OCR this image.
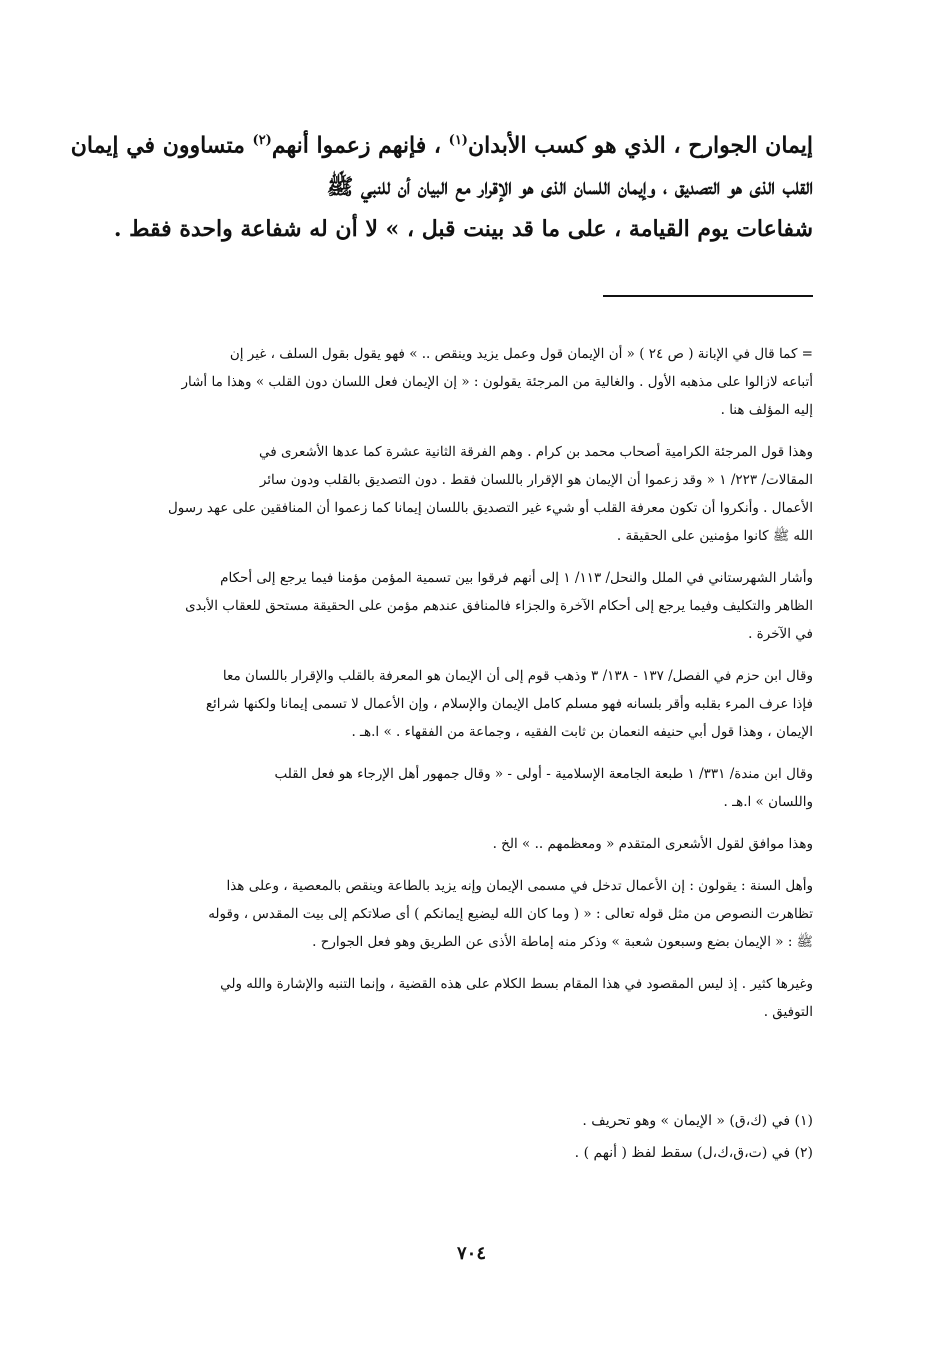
إيمان الجوارح ، الذي هو كسب الأبدان$^{(١)}$ ، فإنهم زعموا أنهم$^{(٢)}$ متساوون في إيمان
القلب الذى هو التصديق ، وإيمان اللسان الذى هو الإقرار مع البيان أن للنبي ﷺ
شفاعات يوم القيامة ، على ما قد بينت قبل ، » لا أن له شفاعة واحدة فقط .

= كما قال في الإبانة ( ص ٢٤ ) « أن الإيمان قول وعمل يزيد وينقص .. » فهو يقول بقول السلف ، غير إن
أتباعه لازالوا على مذهبه الأول . والغالية من المرجئة يقولون : « إن الإيمان فعل اللسان دون القلب » وهذا ما أشار
إليه المؤلف هنا .

وهذا قول المرجئة الكرامية أصحاب محمد بن كرام . وهم الفرقة الثانية عشرة كما عدها الأشعرى في
المقالات/ ٢٢٣/ ١ « وقد زعموا أن الإيمان هو الإقرار باللسان فقط . دون التصديق بالقلب ودون سائر
الأعمال . وأنكروا أن تكون معرفة القلب أو شيء غير التصديق باللسان إيمانا كما زعموا أن المنافقين على عهد رسول
الله ﷺ كانوا مؤمنين على الحقيقة .

وأشار الشهرستاني في الملل والنحل/ ١١٣/ ١ إلى أنهم فرقوا بين تسمية المؤمن مؤمنا فيما يرجع إلى أحكام
الظاهر والتكليف وفيما يرجع إلى أحكام الآخرة والجزاء فالمنافق عندهم مؤمن على الحقيقة مستحق للعقاب الأبدى
في الآخرة .

وقال ابن حزم في الفصل/ ١٣٧ - ١٣٨/ ٣ وذهب قوم إلى أن الإيمان هو المعرفة بالقلب والإقرار باللسان معا
فإذا عرف المرء بقلبه وأقر بلسانه فهو مسلم كامل الإيمان والإسلام ، وإن الأعمال لا تسمى إيمانا ولكنها شرائع
الإيمان ، وهذا قول أبي حنيفه النعمان بن ثابت الفقيه ، وجماعة من الفقهاء . » ا.هـ .

وقال ابن مندة/ ٣٣١/ ١ طبعة الجامعة الإسلامية - أولى - « وقال جمهور أهل الإرجاء هو فعل القلب
واللسان » ا.هـ .

وهذا موافق لقول الأشعرى المتقدم « ومعظمهم .. » الخ .

وأهل السنة : يقولون : إن الأعمال تدخل في مسمى الإيمان وإنه يزيد بالطاعة وينقص بالمعصية ، وعلى هذا
تظاهرت النصوص من مثل قوله تعالى : « ( وما كان الله ليضيع إيمانكم ) أى صلاتكم إلى بيت المقدس ، وقوله
ﷺ : « الإيمان بضع وسبعون شعبة » وذكر منه إماطة الأذى عن الطريق وهو فعل الجوارح .

وغيرها كثير . إذ ليس المقصود في هذا المقام بسط الكلام على هذه القضية ، وإنما التنبه والإشارة والله ولي
التوفيق .

(١) في (ك،ق) « الإيمان » وهو تحريف .
(٢) في (ت،ق،ك،ل) سقط لفظ ( أنهم ) .
٧٠٤
